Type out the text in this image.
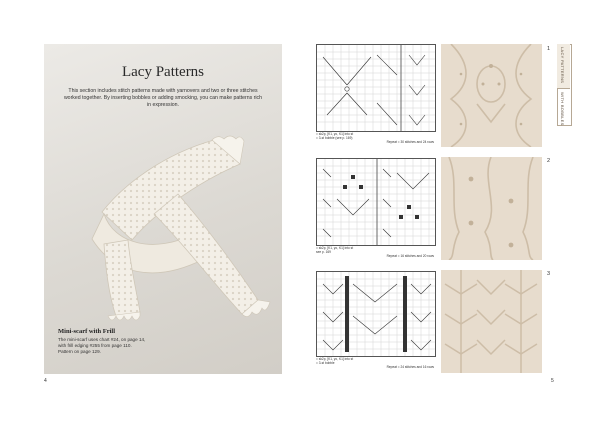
Lacy Patterns
This section includes stitch patterns made with yarnovers and two or three stitches worked together. By inserting bobbles or adding smocking, you can make patterns rich in expression.
Mini-scarf with Frill
The mini-scarf uses chart #24, on page 14,
with frill edging #255 from page 110.
Pattern on page 129.
4
= sk2p, [K1, yo, K1] into st
= 3-st bobble (see p. 169)
Repeat = 30 stitches and 24 rows
1
= sk2p, [K1, yo, K1] into st
see p. 169
Repeat = 16 stitches and 20 rows
2
= sk2p, [K1, yo, K1] into st
= 3-st bobble
Repeat = 24 stitches and 16 rows
3
LACY PATTERNS
WITH BOBBLES
5
